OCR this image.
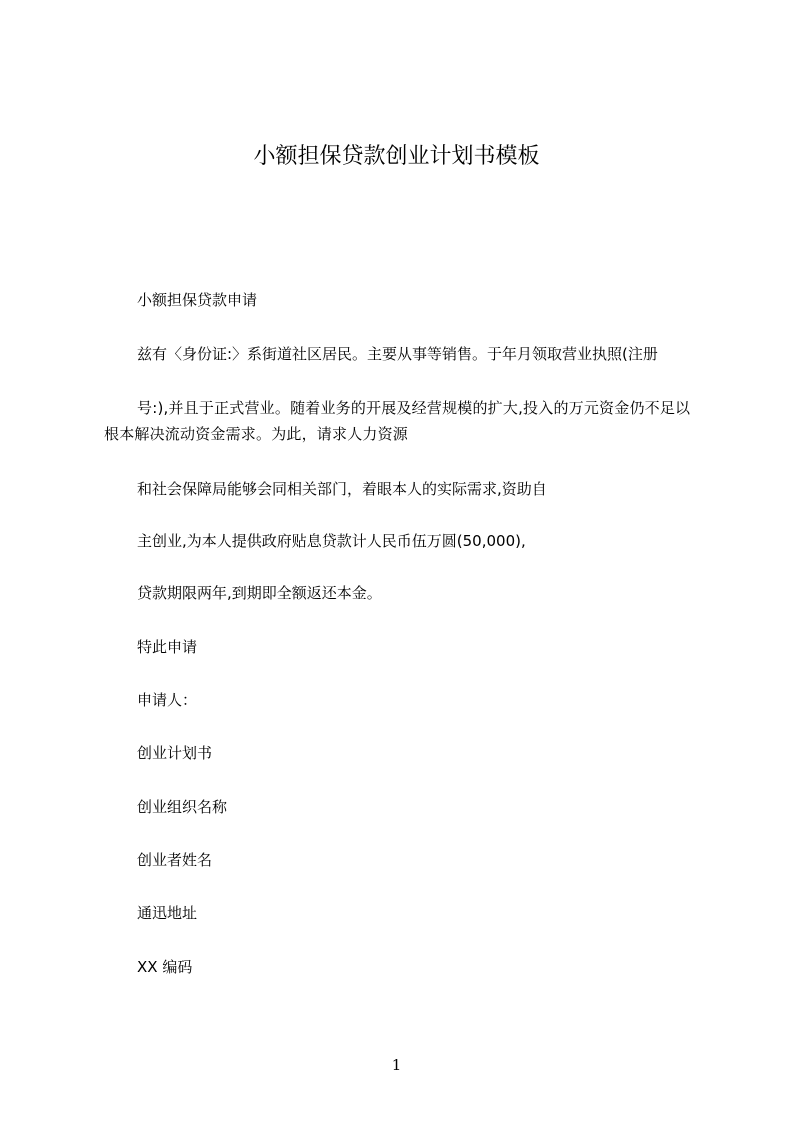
小额担保贷款创业计划书模板
小额担保贷款申请
兹有〈身份证:〉系街道社区居民。主要从事等销售。于年月领取营业执照(注册
号:),并且于正式营业。随着业务的开展及经营规模的扩大,投入的万元资金仍不足以根本解决流动资金需求。为此，请求人力资源
和社会保障局能够会同相关部门，着眼本人的实际需求,资助自
主创业,为本人提供政府贴息贷款计人民币伍万圆(50,000),
贷款期限两年,到期即全额返还本金。
特此申请
申请人：
创业计划书
创业组织名称
创业者姓名
通迅地址
XX 编码
1
